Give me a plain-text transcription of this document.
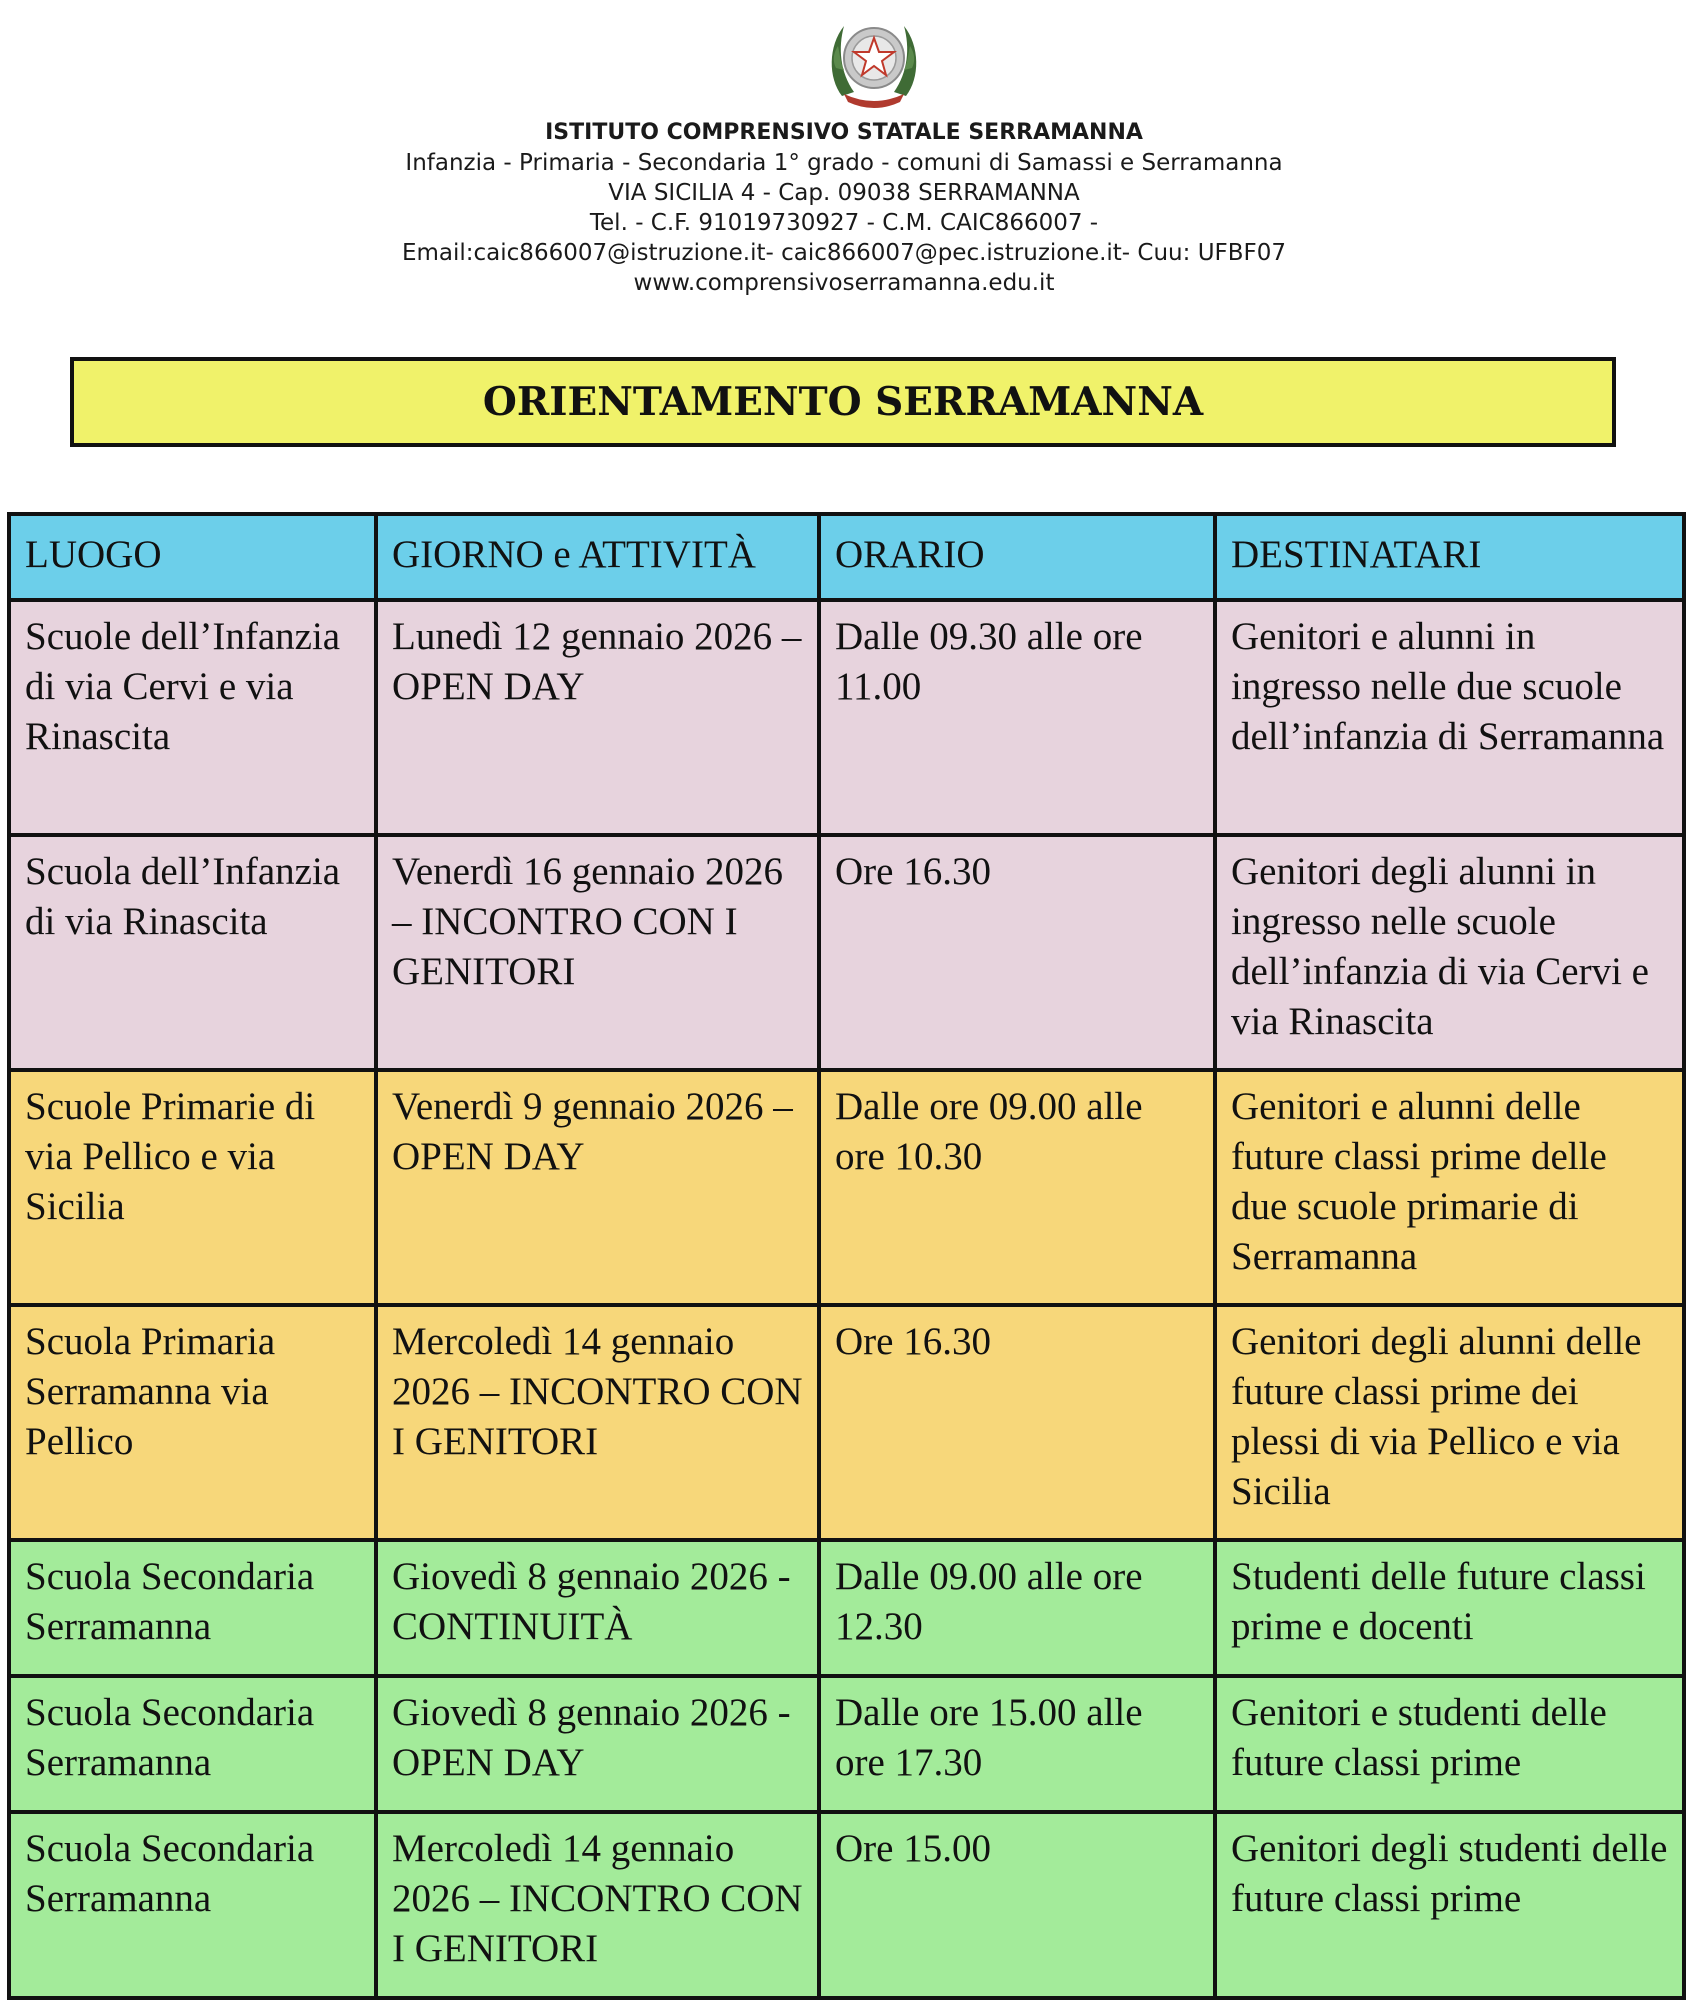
ISTITUTO COMPRENSIVO STATALE SERRAMANNA
Infanzia - Primaria - Secondaria 1° grado - comuni di Samassi e Serramanna
VIA SICILIA 4 - Cap. 09038 SERRAMANNA
Tel. - C.F. 91019730927 - C.M. CAIC866007 -
Email:caic866007@istruzione.it- caic866007@pec.istruzione.it- Cuu: UFBF07
www.comprensivoserramanna.edu.it
ORIENTAMENTO SERRAMANNA
LUOGO	GIORNO e ATTIVITÀ	ORARIO	DESTINATARI
Scuole dell’Infanzia di via Cervi e via Rinascita	Lunedì 12 gennaio 2026 – OPEN DAY	Dalle 09.30 alle ore 11.00	Genitori e alunni in ingresso nelle due scuole dell’infanzia di Serramanna
Scuola dell’Infanzia di via Rinascita	Venerdì 16 gennaio 2026 – INCONTRO CON I GENITORI	Ore 16.30	Genitori degli alunni in ingresso nelle scuole dell’infanzia di via Cervi e via Rinascita
Scuole Primarie di via Pellico e via Sicilia	Venerdì 9 gennaio 2026 – OPEN DAY	Dalle ore 09.00 alle ore 10.30	Genitori e alunni delle future classi prime delle due scuole primarie di Serramanna
Scuola Primaria Serramanna via Pellico	Mercoledì 14 gennaio 2026 – INCONTRO CON I GENITORI	Ore 16.30	Genitori degli alunni delle future classi prime dei plessi di via Pellico e via Sicilia
Scuola Secondaria Serramanna	Giovedì 8 gennaio 2026 - CONTINUITÀ	Dalle 09.00 alle ore 12.30	Studenti delle future classi prime e docenti
Scuola Secondaria Serramanna	Giovedì 8 gennaio 2026 -OPEN DAY	Dalle ore 15.00 alle ore 17.30	Genitori e studenti delle future classi prime
Scuola Secondaria Serramanna	Mercoledì 14 gennaio 2026 – INCONTRO CON I GENITORI	Ore 15.00	Genitori degli studenti delle future classi prime
